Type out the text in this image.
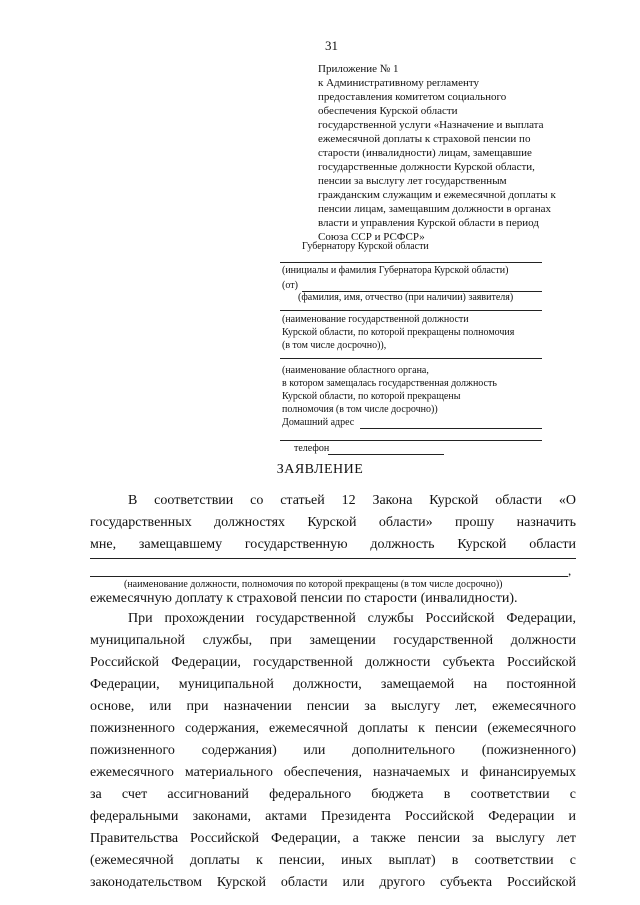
31
Приложение № 1
к Административному регламенту
предоставления комитетом социального
обеспечения Курской области
государственной услуги «Назначение и выплата
ежемесячной доплаты к страховой пенсии по
старости (инвалидности) лицам, замещавшие
государственные должности Курской области,
пенсии за выслугу лет государственным
гражданским служащим и ежемесячной доплаты к
пенсии лицам, замещавшим должности в органах
власти и управления Курской области в период
Союза ССР и РСФСР»
Губернатору Курской области
(инициалы и фамилия Губернатора Курской области)
(от)
(фамилия, имя, отчество (при наличии) заявителя)
(наименование государственной должности
Курской области, по которой прекращены полномочия
(в том числе досрочно)),
(наименование областного органа,
в котором замещалась государственная должность
Курской области, по которой прекращены
полномочия (в том числе досрочно))
Домашний адрес
телефон
ЗАЯВЛЕНИЕ
В соответствии со статьей 12 Закона Курской области «О
государственных должностях Курской области» прошу назначить
мне, замещавшему государственную должность Курской области
,
(наименование должности, полномочия по которой прекращены (в том числе досрочно))
ежемесячную доплату к страховой пенсии по старости (инвалидности).
При прохождении государственной службы Российской Федерации,
муниципальной службы, при замещении государственной должности
Российской Федерации, государственной должности субъекта Российской
Федерации, муниципальной должности, замещаемой на постоянной
основе, или при назначении пенсии за выслугу лет, ежемесячного
пожизненного содержания, ежемесячной доплаты к пенсии (ежемесячного
пожизненного содержания) или дополнительного (пожизненного)
ежемесячного материального обеспечения, назначаемых и финансируемых
за счет ассигнований федерального бюджета в соответствии с
федеральными законами, актами Президента Российской Федерации и
Правительства Российской Федерации, а также пенсии за выслугу лет
(ежемесячной доплаты к пенсии, иных выплат) в соответствии с
законодательством Курской области или другого субъекта Российской
